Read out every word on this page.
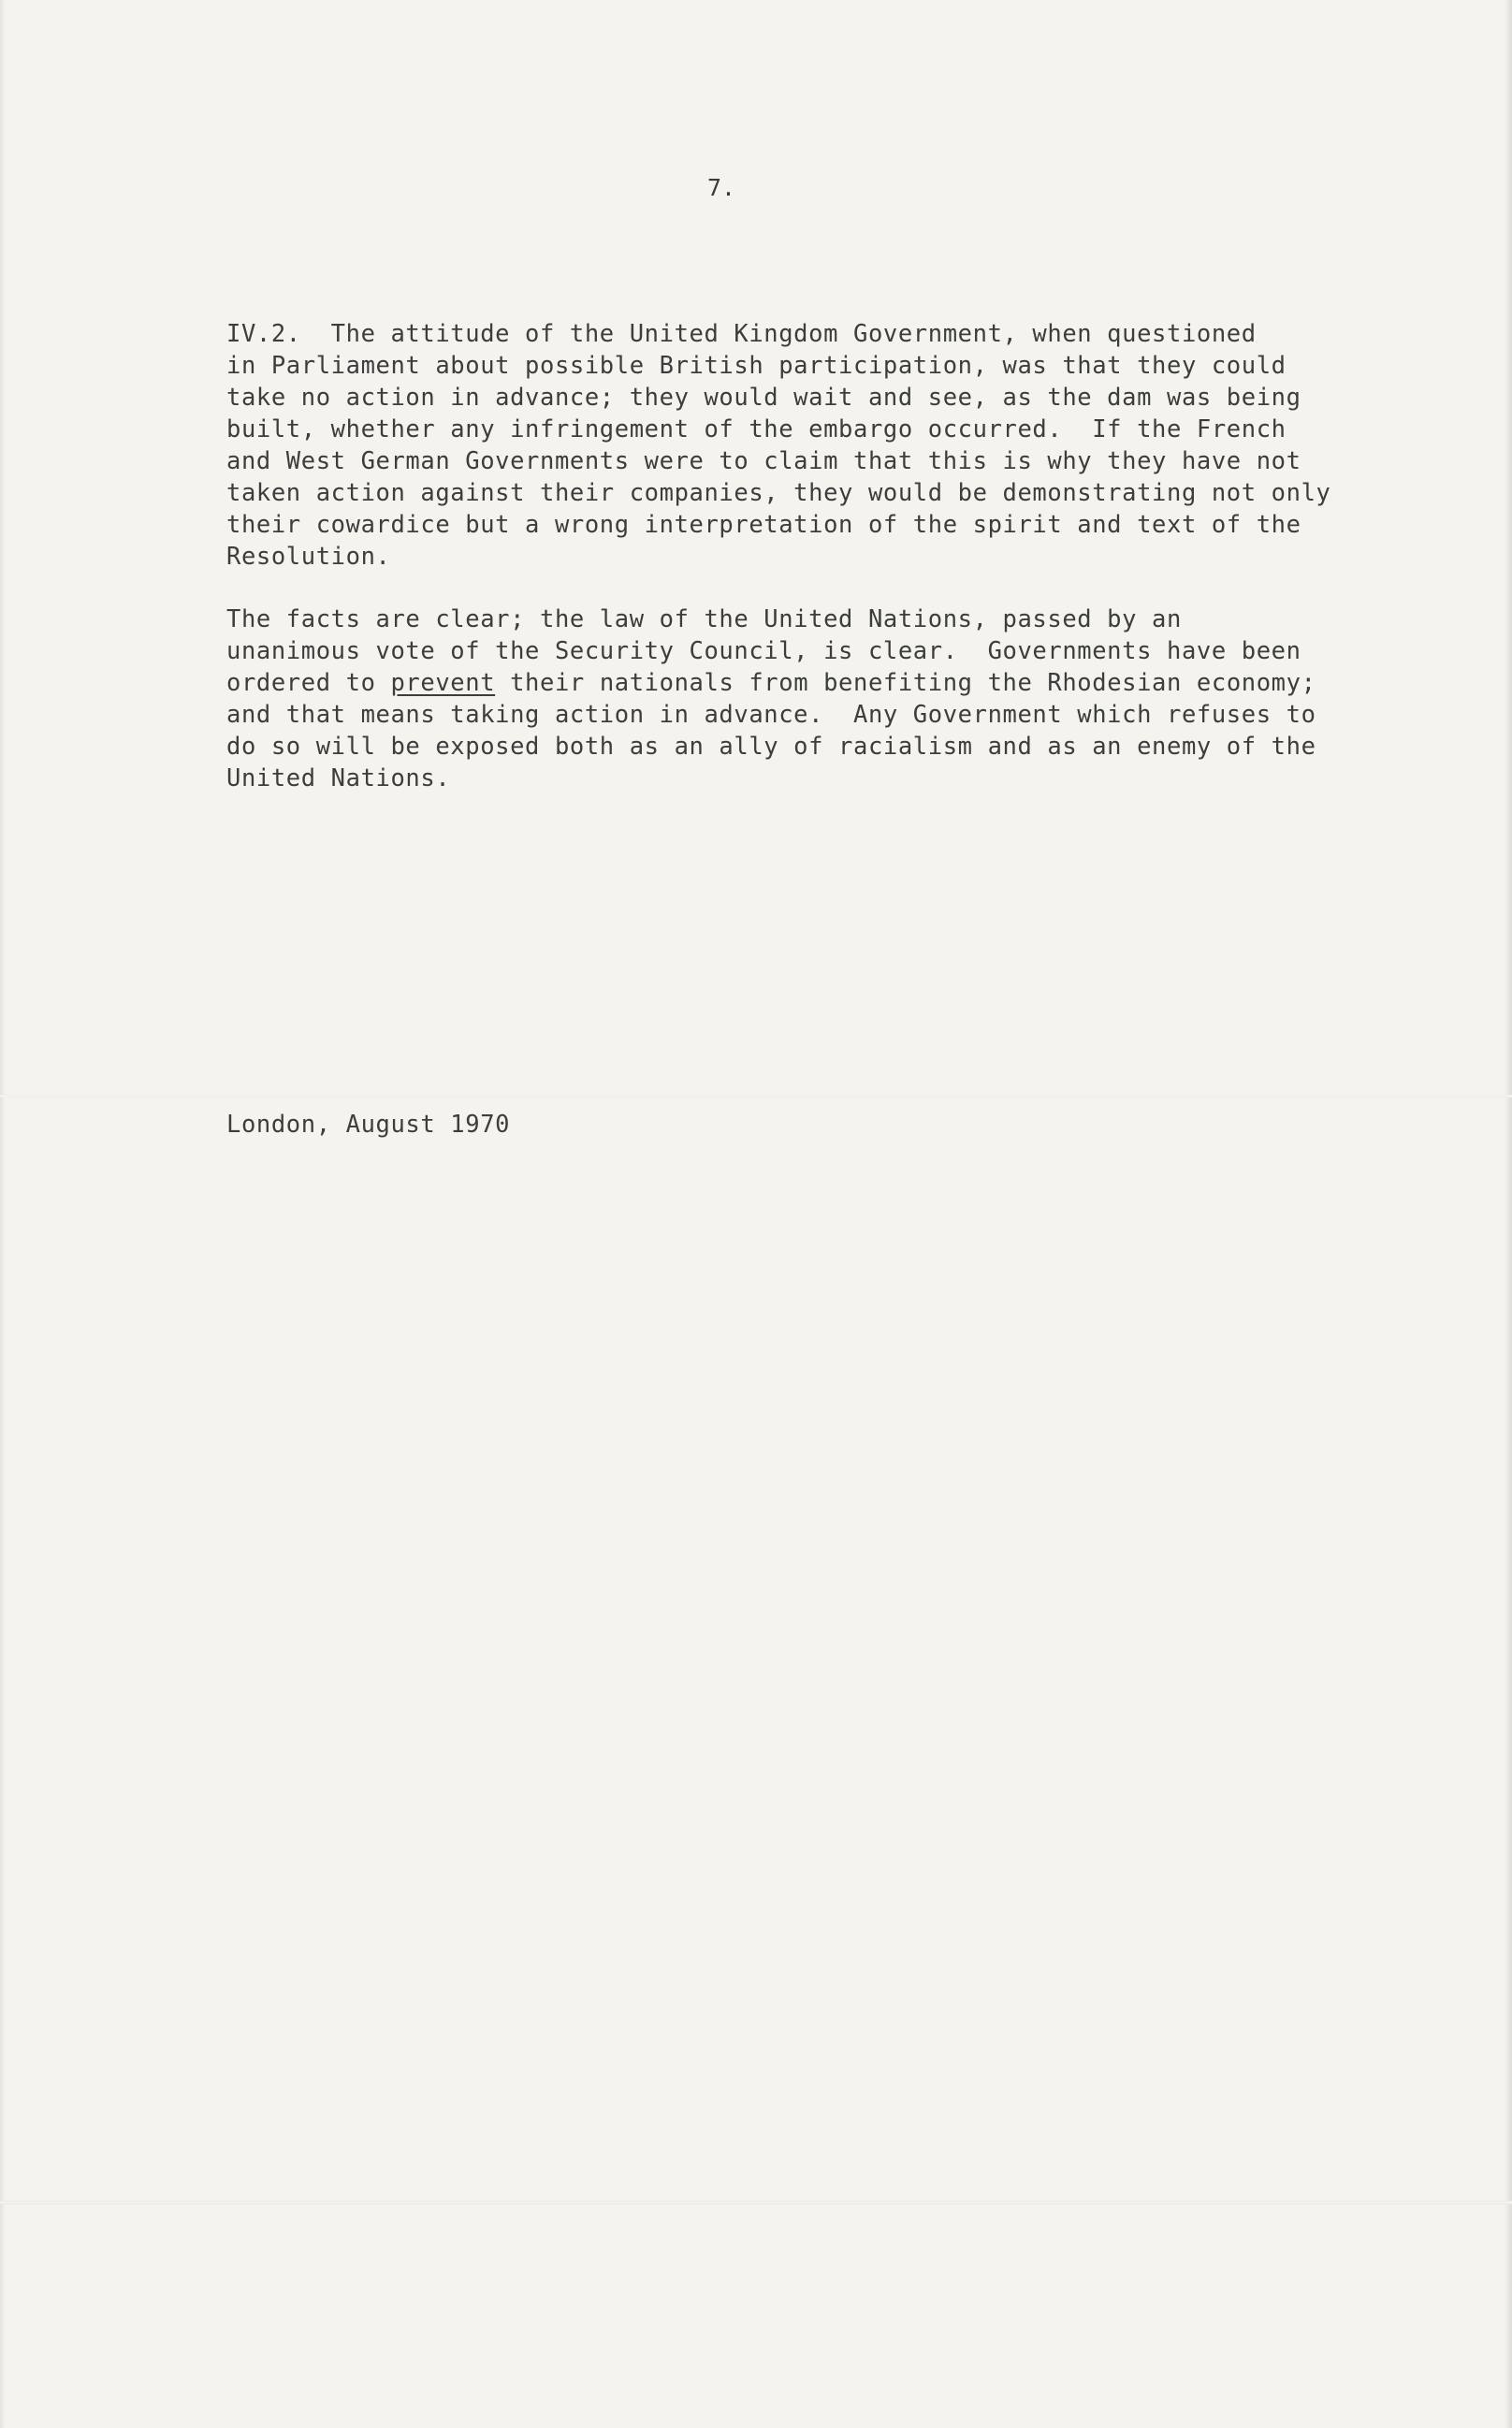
7.
IV.2.  The attitude of the United Kingdom Government, when questioned
in Parliament about possible British participation, was that they could
take no action in advance; they would wait and see, as the dam was being
built, whether any infringement of the embargo occurred.  If the French
and West German Governments were to claim that this is why they have not
taken action against their companies, they would be demonstrating not only
their cowardice but a wrong interpretation of the spirit and text of the
Resolution.
The facts are clear; the law of the United Nations, passed by an
unanimous vote of the Security Council, is clear.  Governments have been
ordered to prevent their nationals from benefiting the Rhodesian economy;
and that means taking action in advance.  Any Government which refuses to
do so will be exposed both as an ally of racialism and as an enemy of the
United Nations.
London, August 1970
